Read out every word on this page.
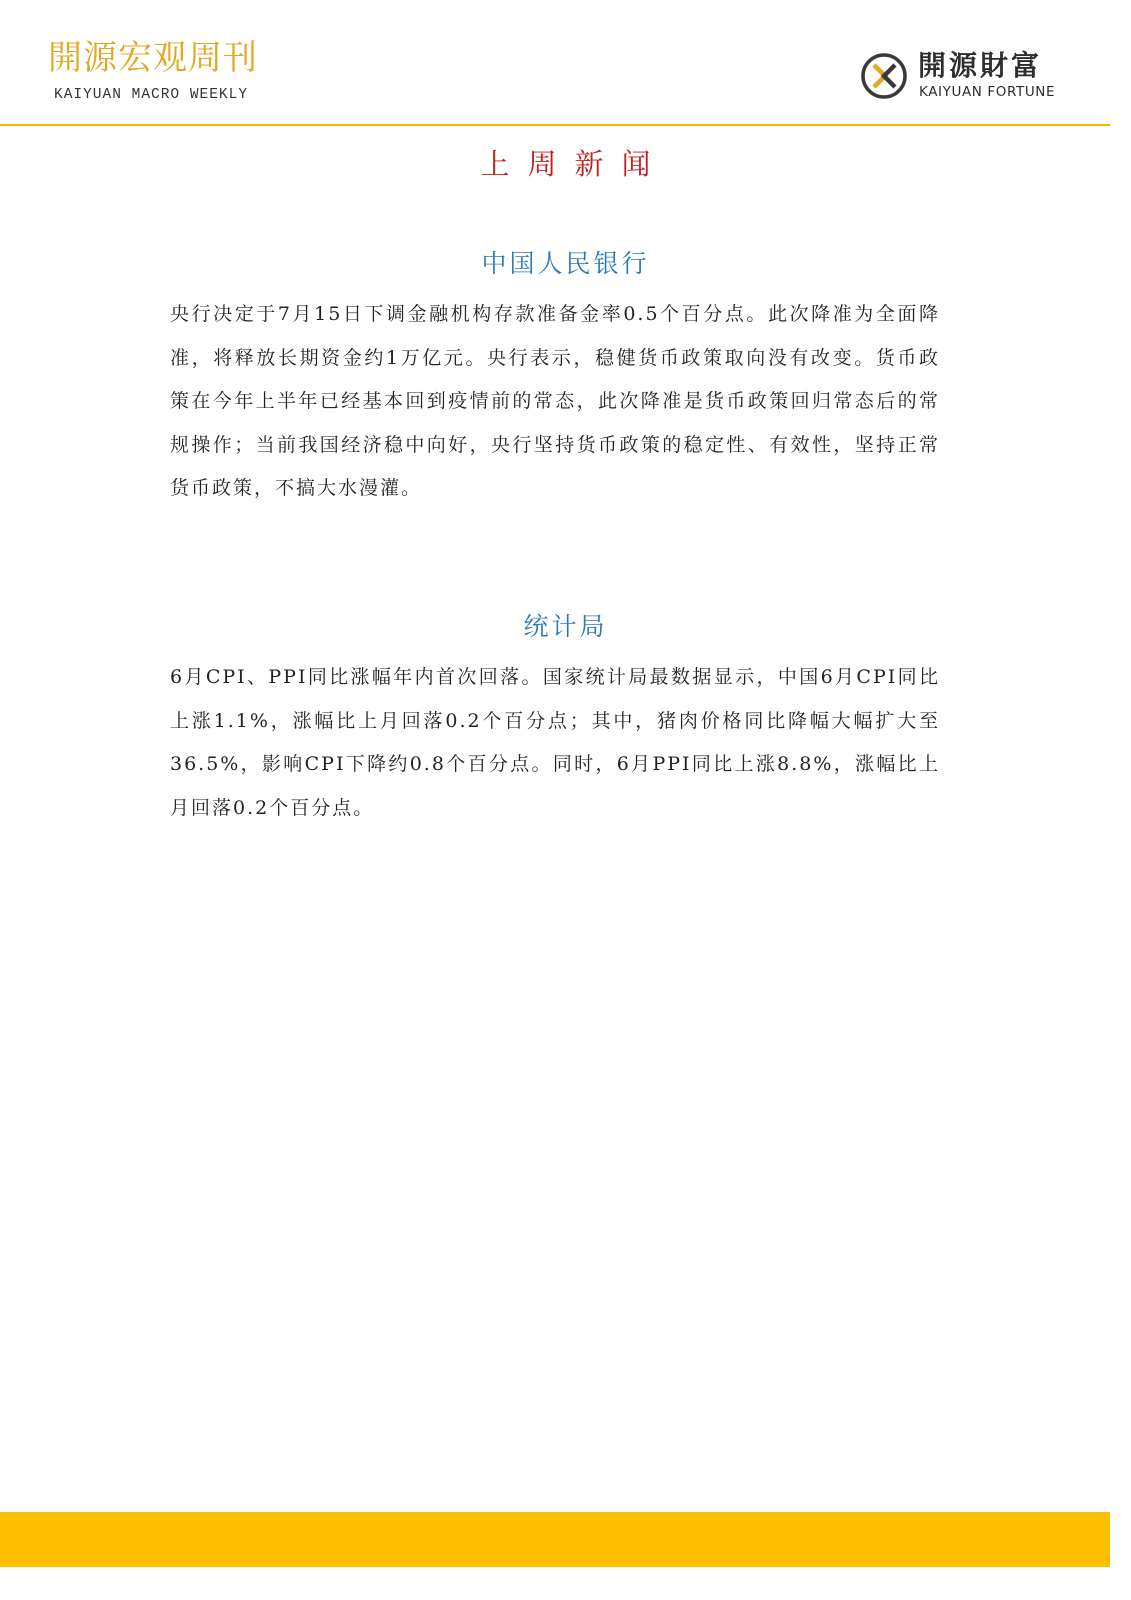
開源宏观周刊
KAIYUAN MACRO WEEKLY
開源財富
KAIYUAN FORTUNE
上周新闻
中国人民银行
央行决定于7月15日下调金融机构存款准备金率0.5个百分点。此次降准为全面降准，将释放长期资金约1万亿元。央行表示，稳健货币政策取向没有改变。货币政策在今年上半年已经基本回到疫情前的常态，此次降准是货币政策回归常态后的常规操作；当前我国经济稳中向好，央行坚持货币政策的稳定性、有效性，坚持正常货币政策，不搞大水漫灌。
统计局
6月CPI、PPI同比涨幅年内首次回落。国家统计局最数据显示，中国6月CPI同比上涨1.1%，涨幅比上月回落0.2个百分点；其中，猪肉价格同比降幅大幅扩大至36.5%，影响CPI下降约0.8个百分点。同时，6月PPI同比上涨8.8%，涨幅比上月回落0.2个百分点。
